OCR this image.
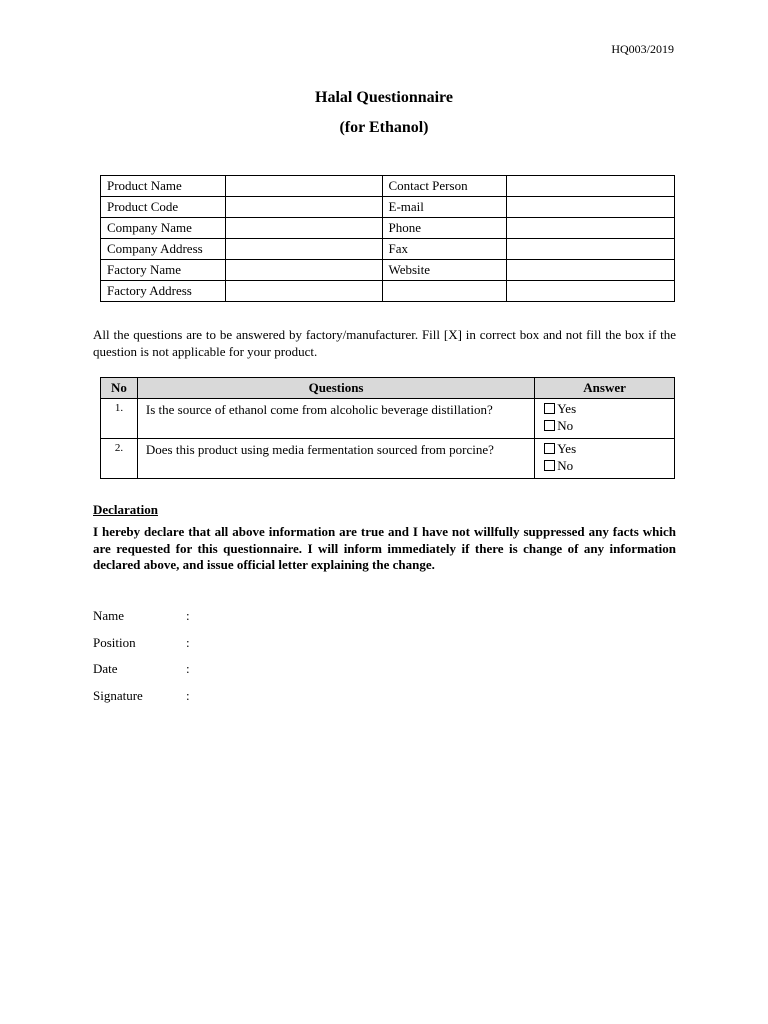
HQ003/2019
Halal Questionnaire
(for Ethanol)
Product Name		Contact Person	
Product Code		E-mail	
Company Name		Phone	
Company Address		Fax	
Factory Name		Website	
Factory Address			
All the questions are to be answered by factory/manufacturer. Fill [X] in correct box and not fill the box if the question is not applicable for your product.
No	Questions	Answer
1.	Is the source of ethanol come from alcoholic beverage distillation?	Yes
No

2.	Does this product using media fermentation sourced from porcine?	Yes
No
Declaration
I hereby declare that all above information are true and I have not willfully suppressed any facts which are requested for this questionnaire. I will inform immediately if there is change of any information declared above, and issue official letter explaining the change.
Name	:
Position	:
Date	:
Signature	:
